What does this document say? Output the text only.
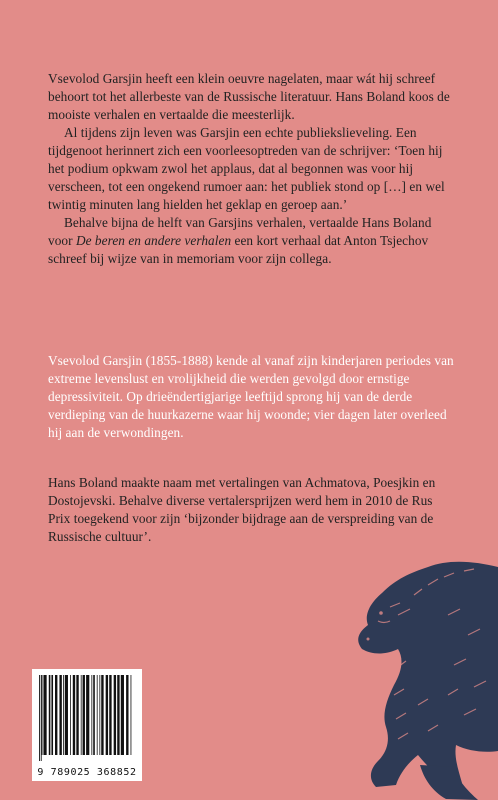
Vsevolod Garsjin heeft een klein oeuvre nagelaten, maar wát hij schreef behoort tot het allerbeste van de Russische literatuur. Hans Boland koos de mooiste verhalen en vertaalde die meesterlijk.

Al tijdens zijn leven was Garsjin een echte publiekslieveling. Een tijdgenoot herinnert zich een voorleesoptreden van de schrijver: ‘Toen hij het podium opkwam zwol het applaus, dat al begonnen was voor hij verscheen, tot een ongekend rumoer aan: het publiek stond op […] en wel twintig minuten lang hielden het geklap en geroep aan.’

Behalve bijna de helft van Garsjins verhalen, vertaalde Hans Boland voor De beren en andere verhalen een kort verhaal dat Anton Tsjechov schreef bij wijze van in memoriam voor zijn collega.

Vsevolod Garsjin (1855-1888) kende al vanaf zijn kinderjaren periodes van extreme levenslust en vrolijkheid die werden gevolgd door ernstige depressiviteit. Op drieëndertigjarige leeftijd sprong hij van de derde verdieping van de huurkazerne waar hij woonde; vier dagen later overleed hij aan de verwondingen.

Hans Boland maakte naam met vertalingen van Achmatova, Poesjkin en Dostojevski. Behalve diverse vertalersprijzen werd hem in 2010 de Rus Prix toegekend voor zijn ‘bijzonder bijdrage aan de verspreiding van de Russische cultuur’.

9 789025 368852
